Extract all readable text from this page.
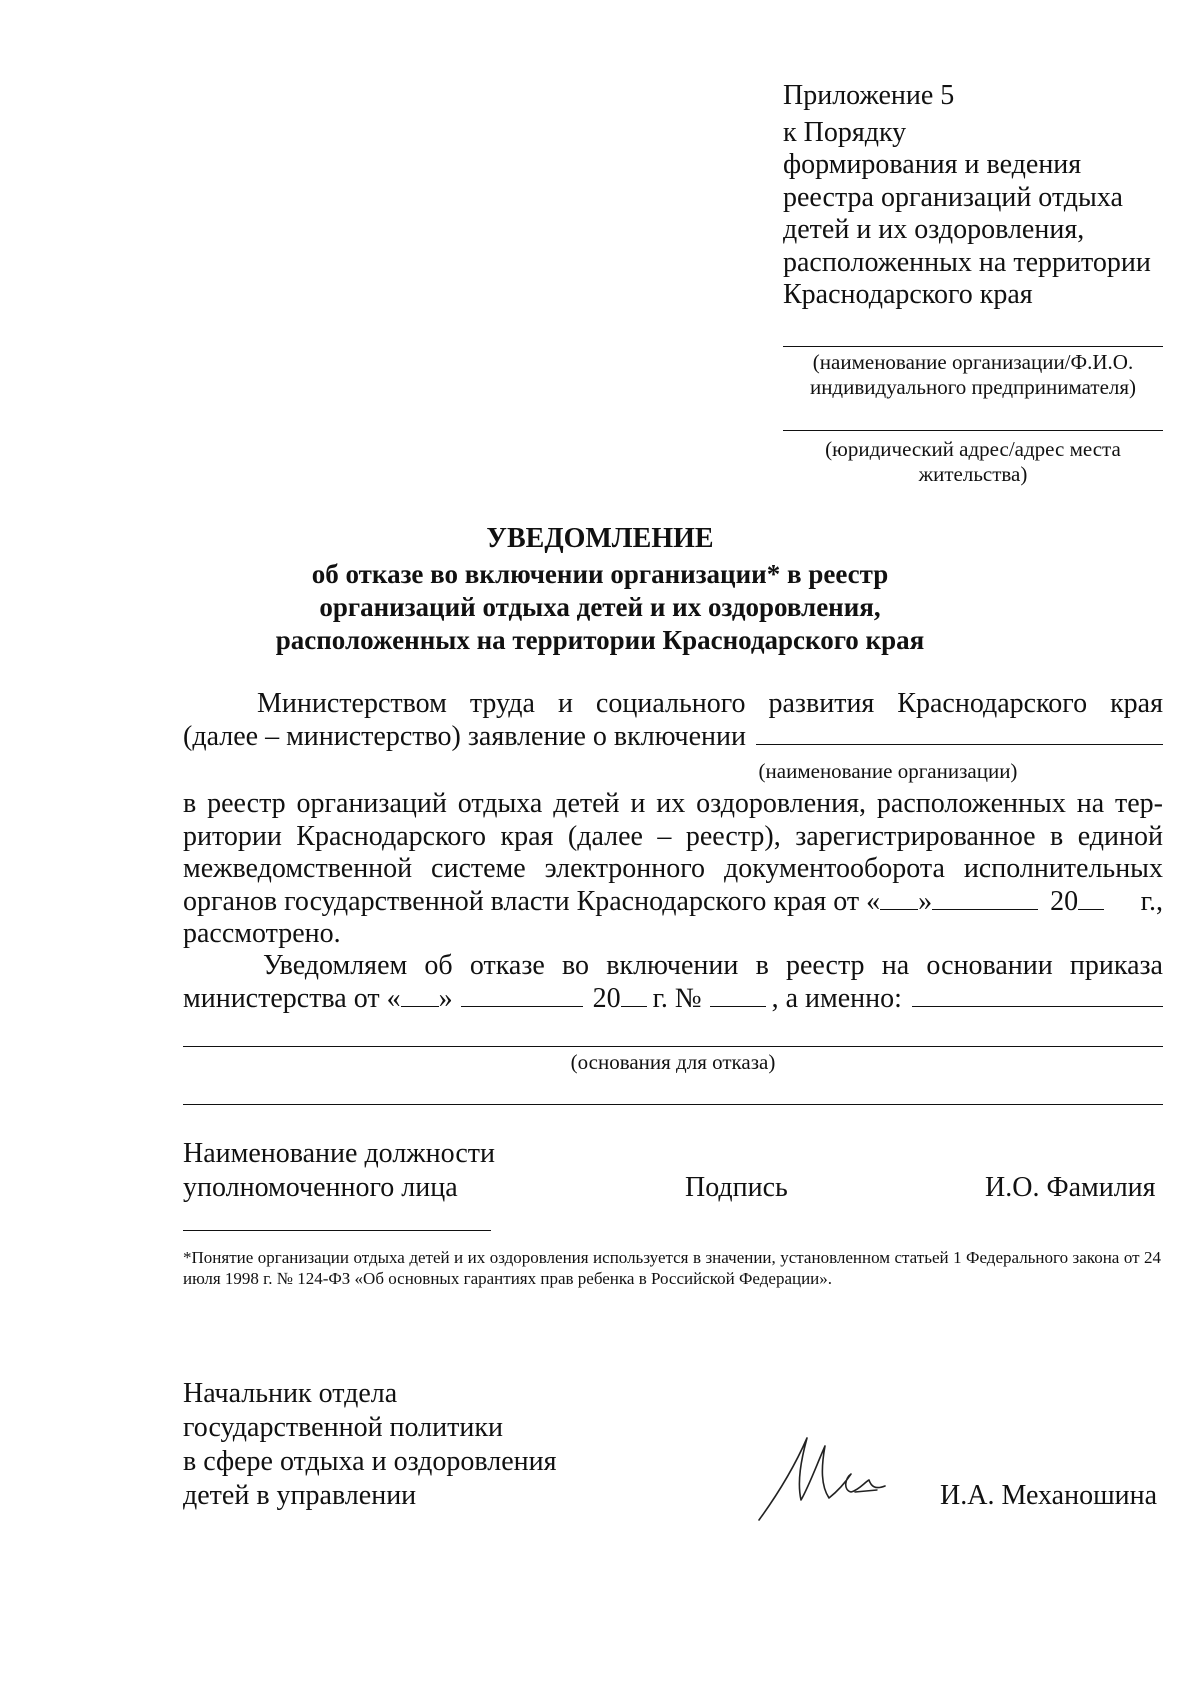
Приложение 5
к Порядку
формирования и ведения
реестра организаций отдыха
детей и их оздоровления,
расположенных на территории
Краснодарского края
(наименование организации/Ф.И.О.
индивидуального предпринимателя)
(юридический адрес/адрес места
жительства)
УВЕДОМЛЕНИЕ
об отказе во включении организации* в реестр
организаций отдыха детей и их оздоровления,
расположенных на территории Краснодарского края
Министерством труда и социального развития Краснодарского края
(далее – министерство) заявление о включении
(наименование организации)
в реестр организаций отдыха детей и их оздоровления, расположенных на тер-
ритории Краснодарского края (далее – реестр), зарегистрированное в единой
межведомственной системе электронного документооборота исполнительных
органов государственной власти Краснодарского края от « »	20 г.,
рассмотрено.
Уведомляем об отказе во включении в реестр на основании приказа
министерства от « »	20 г. №	, а именно:
(основания для отказа)
Наименование должности
уполномоченного лица	Подпись	И.О. Фамилия
*Понятие организации отдыха детей и их оздоровления используется в значении, установленном статьей 1 Федерального закона от 24 июля 1998 г. № 124-ФЗ «Об основных гарантиях прав ребенка в Российской Федерации».
Начальник отдела
государственной политики
в сфере отдыха и оздоровления
детей в управлении	И.А. Механошина
